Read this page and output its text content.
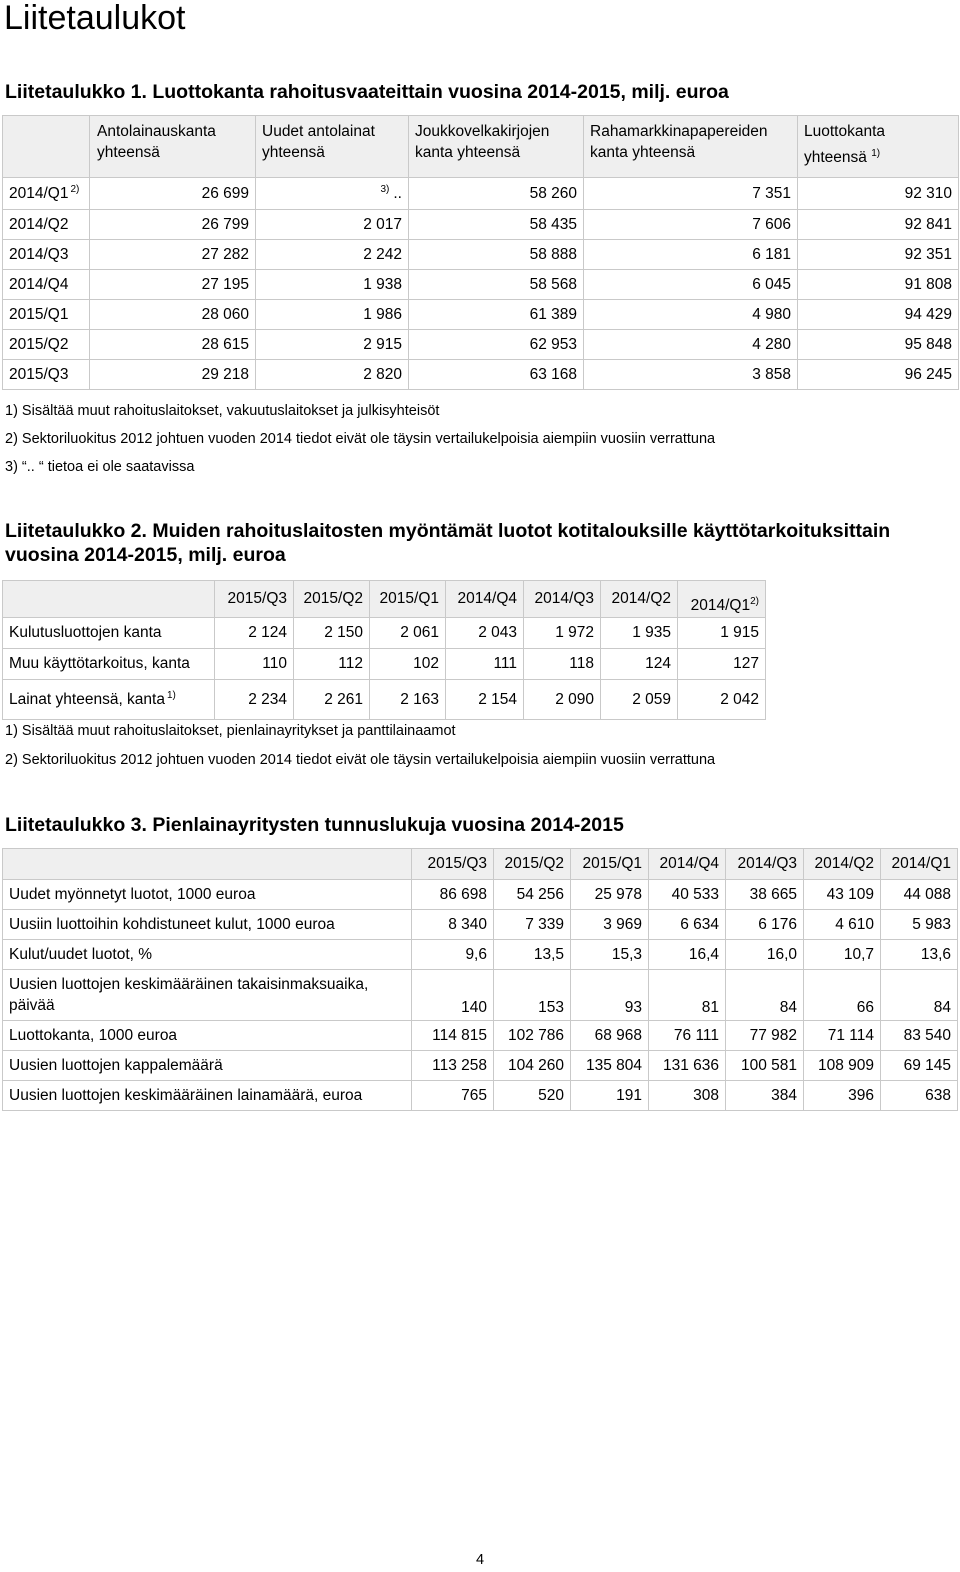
Liitetaulukot
Liitetaulukko 1. Luottokanta rahoitusvaateittain vuosina 2014-2015, milj. euroa

	Antolainauskanta
yhteensä	Uudet antolainat
yhteensä	Joukkovelkakirjojen
kanta yhteensä	Rahamarkkinapapereiden
kanta yhteensä	Luottokanta
yhteensä $^{1)}$

2014/Q1 $^{2)}$	26 699	$^{3)}$ ..	58 260	7 351	92 310
2014/Q2	26 799	2 017	58 435	7 606	92 841
2014/Q3	27 282	2 242	58 888	6 181	92 351
2014/Q4	27 195	1 938	58 568	6 045	91 808
2015/Q1	28 060	1 986	61 389	4 980	94 429
2015/Q2	28 615	2 915	62 953	4 280	95 848
2015/Q3	29 218	2 820	63 168	3 858	96 245
1) Sisältää muut rahoituslaitokset, vakuutuslaitokset ja julkisyhteisöt
2) Sektoriluokitus 2012 johtuen vuoden 2014 tiedot eivät ole täysin vertailukelpoisia aiempiin vuosiin verrattuna
3) “.. “ tietoa ei ole saatavissa
Liitetaulukko 2. Muiden rahoituslaitosten myöntämät luotot kotitalouksille käyttötarkoituksittain
vuosina 2014-2015, milj. euroa
	2015/Q3	2015/Q2	2015/Q1	2014/Q4	2014/Q3	2014/Q2	2014/Q1$^{2)}$
Kulutusluottojen kanta	2 124	2 150	2 061	2 043	1 972	1 935	1 915
Muu käyttötarkoitus, kanta	110	112	102	111	118	124	127
Lainat yhteensä, kanta $^{1)}$	2 234	2 261	2 163	2 154	2 090	2 059	2 042
1) Sisältää muut rahoituslaitokset, pienlainayritykset ja panttilainaamot
2) Sektoriluokitus 2012 johtuen vuoden 2014 tiedot eivät ole täysin vertailukelpoisia aiempiin vuosiin verrattuna
Liitetaulukko 3. Pienlainayritysten tunnuslukuja vuosina 2014-2015
	2015/Q3	2015/Q2	2015/Q1	2014/Q4	2014/Q3	2014/Q2	2014/Q1
Uudet myönnetyt luotot, 1000 euroa	86 698	54 256	25 978	40 533	38 665	43 109	44 088
Uusiin luottoihin kohdistuneet kulut, 1000 euroa	8 340	7 339	3 969	6 634	6 176	4 610	5 983
Kulut/uudet luotot, %	9,6	13,5	15,3	16,4	16,0	10,7	13,6

Uusien luottojen keskimääräinen takaisinmaksuaika,
päivää	140	153	93	81	84	66	84
Luottokanta, 1000 euroa	114 815	102 786	68 968	76 111	77 982	71 114	83 540
Uusien luottojen kappalemäärä	113 258	104 260	135 804	131 636	100 581	108 909	69 145
Uusien luottojen keskimääräinen lainamäärä, euroa	765	520	191	308	384	396	638
4
